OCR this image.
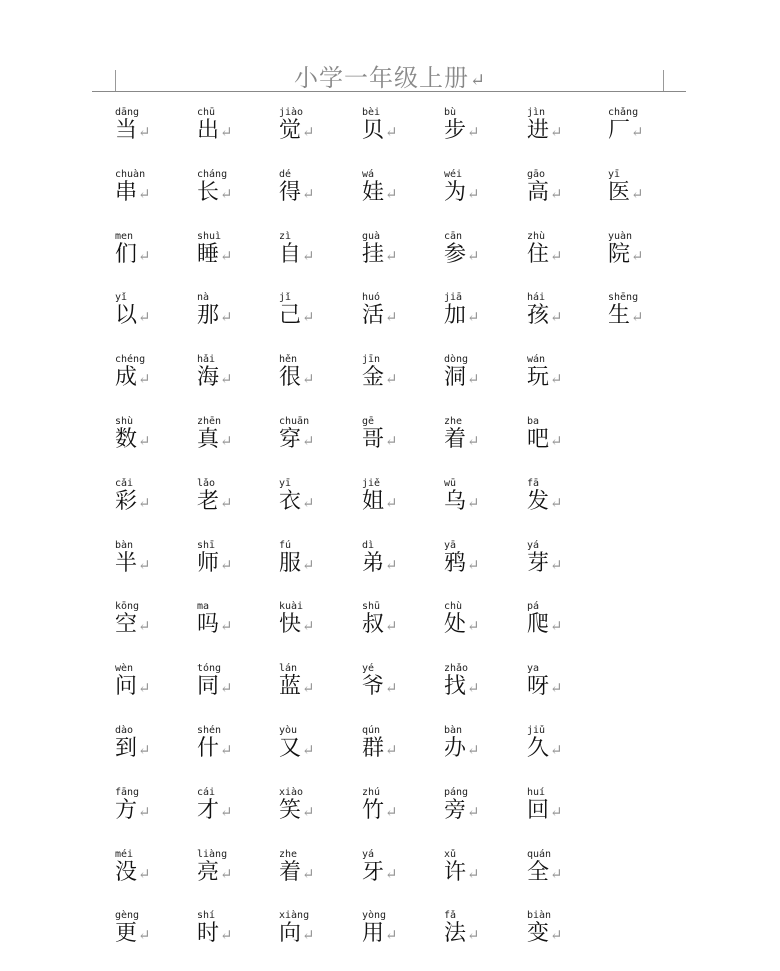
小学一年级上册↵
dāng
当↵
chū
出↵
jiào
觉↵
bèi
贝↵
bù
步↵
jìn
进↵
chǎng
厂↵
chuàn
串↵
cháng
长↵
dé
得↵
wá
娃↵
wéi
为↵
gāo
高↵
yī
医↵
men
们↵
shuì
睡↵
zì
自↵
guà
挂↵
cān
参↵
zhù
住↵
yuàn
院↵
yǐ
以↵
nà
那↵
jǐ
己↵
huó
活↵
jiā
加↵
hái
孩↵
shēng
生↵
chéng
成↵
hǎi
海↵
hěn
很↵
jīn
金↵
dòng
洞↵
wán
玩↵
shù
数↵
zhēn
真↵
chuān
穿↵
gē
哥↵
zhe
着↵
ba
吧↵
cǎi
彩↵
lǎo
老↵
yī
衣↵
jiě
姐↵
wū
乌↵
fā
发↵
bàn
半↵
shī
师↵
fú
服↵
dì
弟↵
yā
鸦↵
yá
芽↵
kōng
空↵
ma
吗↵
kuài
快↵
shū
叔↵
chù
处↵
pá
爬↵
wèn
问↵
tóng
同↵
lán
蓝↵
yé
爷↵
zhǎo
找↵
ya
呀↵
dào
到↵
shén
什↵
yòu
又↵
qún
群↵
bàn
办↵
jiǔ
久↵
fāng
方↵
cái
才↵
xiào
笑↵
zhú
竹↵
páng
旁↵
huí
回↵
méi
没↵
liàng
亮↵
zhe
着↵
yá
牙↵
xǔ
许↵
quán
全↵
gèng
更↵
shí
时↵
xiàng
向↵
yòng
用↵
fǎ
法↵
biàn
变↵
